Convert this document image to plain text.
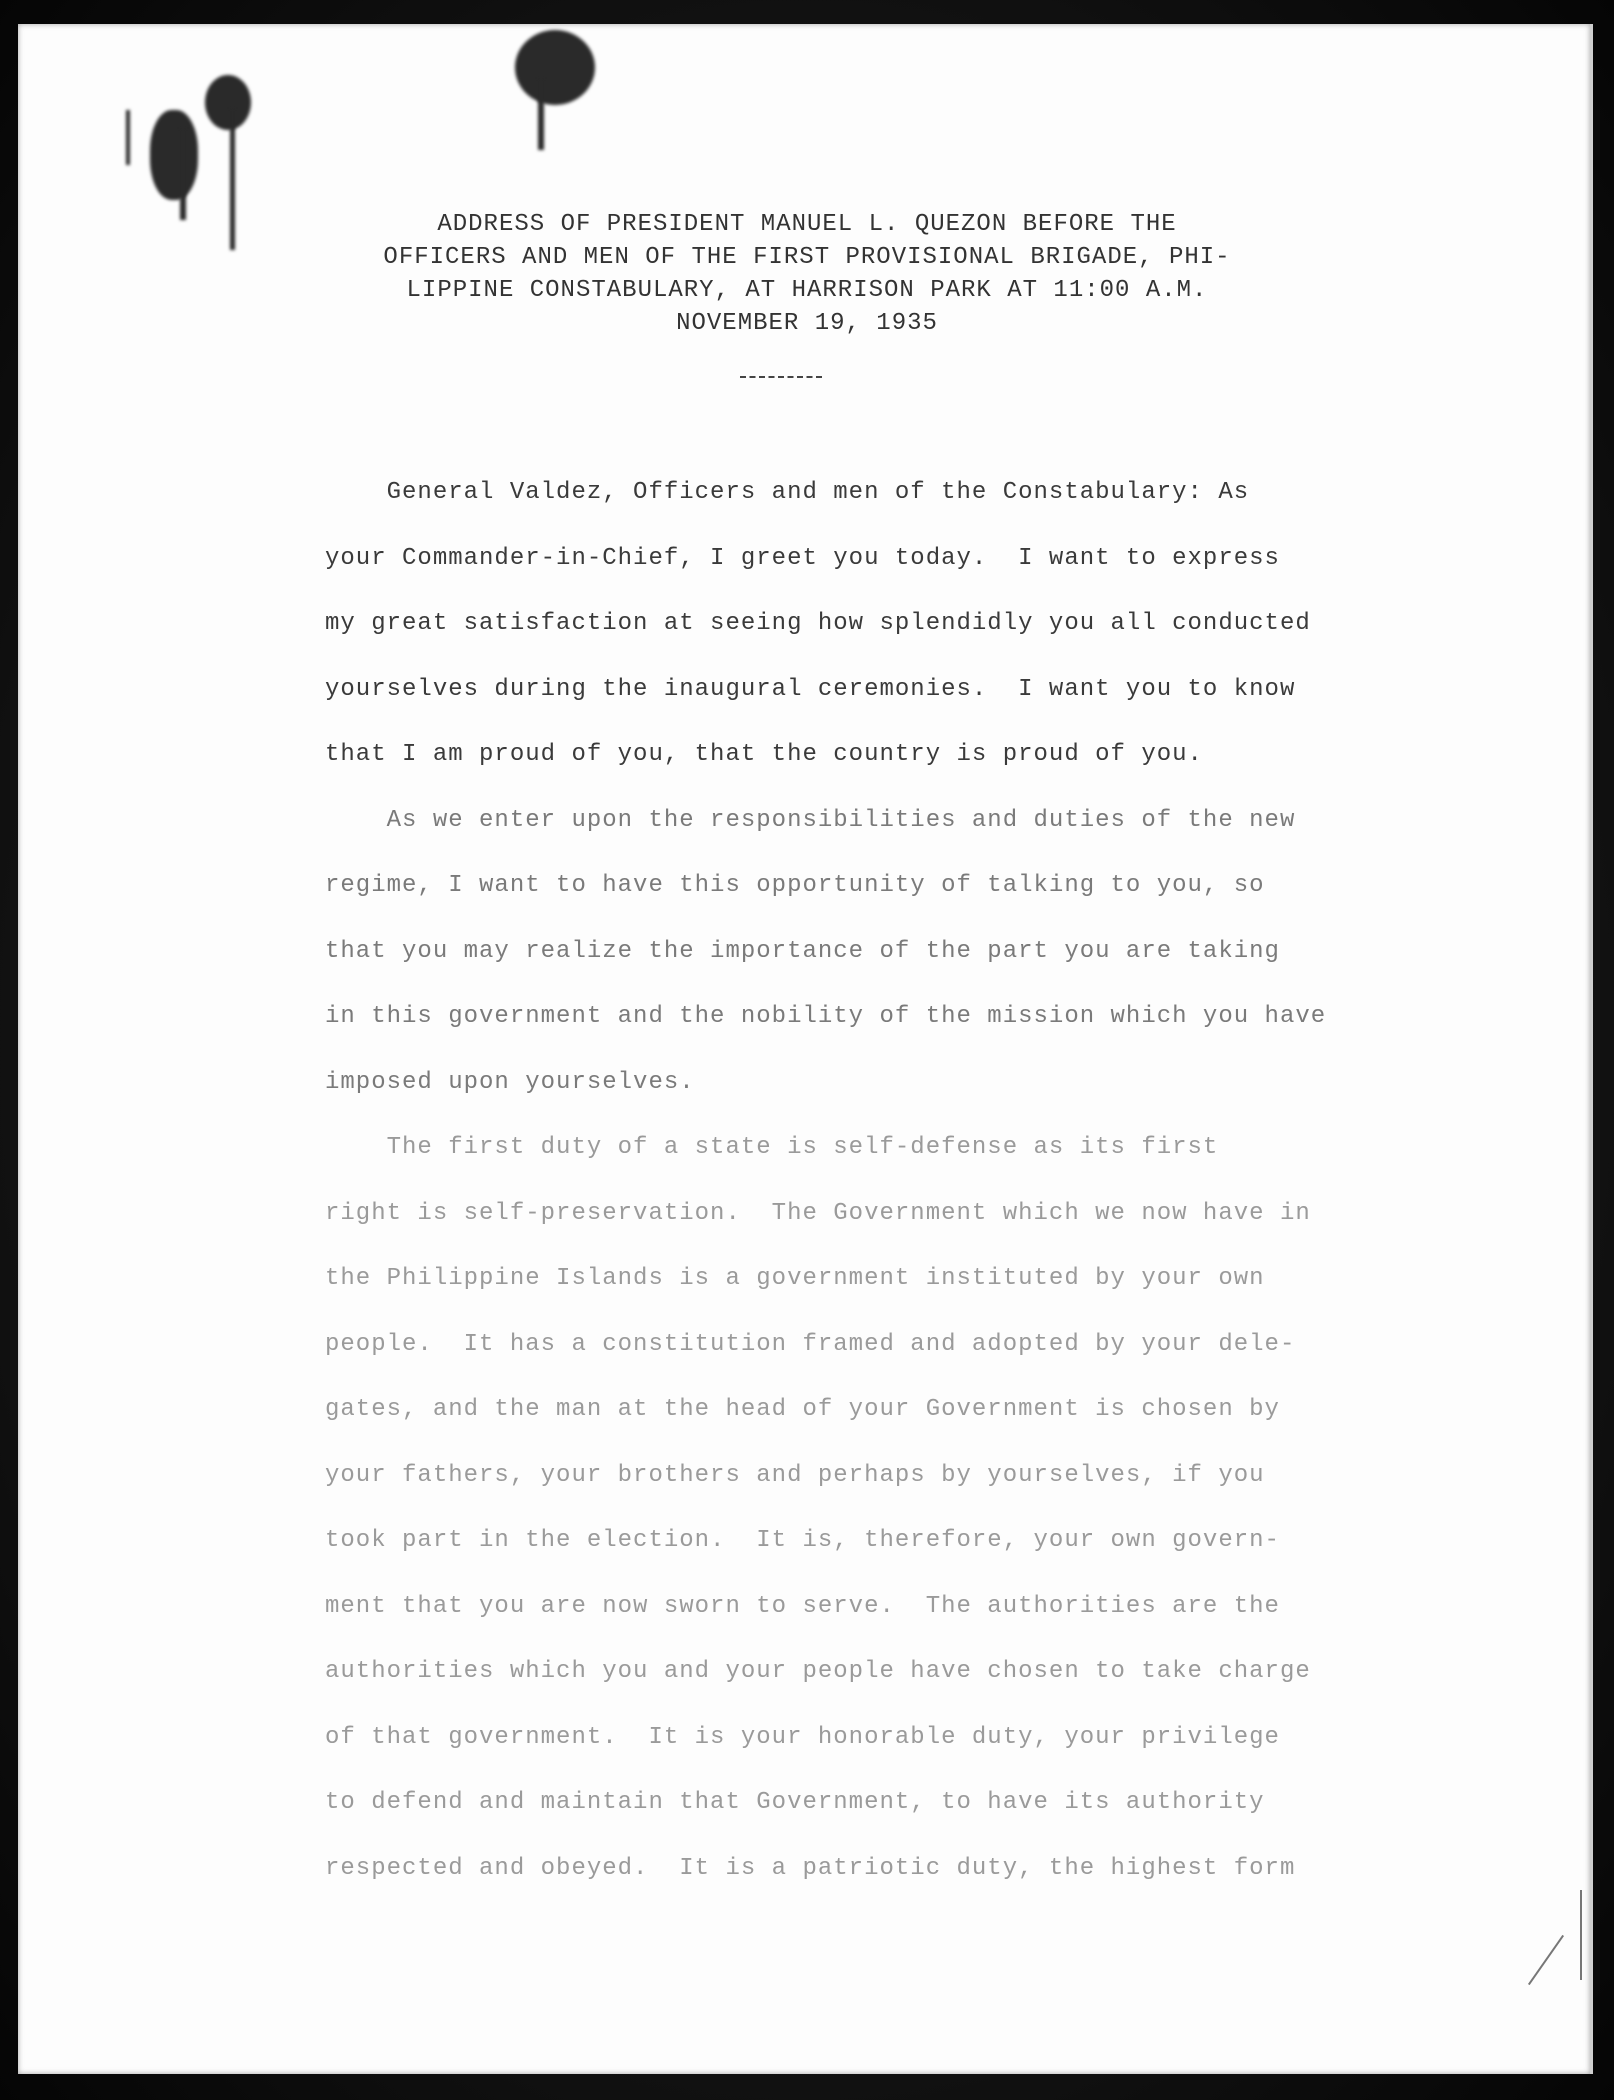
ADDRESS OF PRESIDENT MANUEL L. QUEZON BEFORE THE
OFFICERS AND MEN OF THE FIRST PROVISIONAL BRIGADE, PHI-
LIPPINE CONSTABULARY, AT HARRISON PARK AT 11:00 A.M.
NOVEMBER 19, 1935
General Valdez, Officers and men of the Constabulary: As
your Commander-in-Chief, I greet you today.  I want to express
my great satisfaction at seeing how splendidly you all conducted
yourselves during the inaugural ceremonies.  I want you to know
that I am proud of you, that the country is proud of you.
As we enter upon the responsibilities and duties of the new
regime, I want to have this opportunity of talking to you, so
that you may realize the importance of the part you are taking
in this government and the nobility of the mission which you have
imposed upon yourselves.
The first duty of a state is self-defense as its first
right is self-preservation.  The Government which we now have in
the Philippine Islands is a government instituted by your own
people.  It has a constitution framed and adopted by your dele-
gates, and the man at the head of your Government is chosen by
your fathers, your brothers and perhaps by yourselves, if you
took part in the election.  It is, therefore, your own govern-
ment that you are now sworn to serve.  The authorities are the
authorities which you and your people have chosen to take charge
of that government.  It is your honorable duty, your privilege
to defend and maintain that Government, to have its authority
respected and obeyed.  It is a patriotic duty, the highest form
